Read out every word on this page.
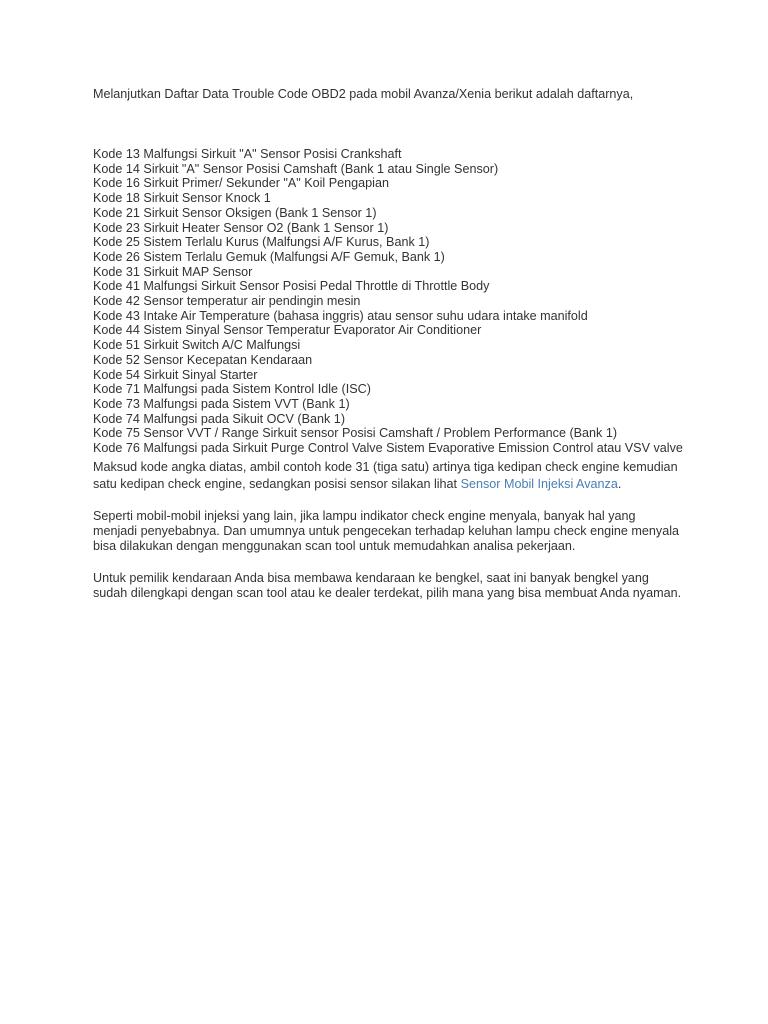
Melanjutkan Daftar Data Trouble Code OBD2 pada mobil Avanza/Xenia berikut adalah daftarnya,

Kode 13 Malfungsi Sirkuit "A" Sensor Posisi Crankshaft
Kode 14 Sirkuit "A" Sensor Posisi Camshaft (Bank 1 atau Single Sensor)
Kode 16 Sirkuit Primer/ Sekunder "A" Koil Pengapian
Kode 18 Sirkuit Sensor Knock 1
Kode 21 Sirkuit Sensor Oksigen (Bank 1 Sensor 1)
Kode 23 Sirkuit Heater Sensor O2 (Bank 1 Sensor 1)
Kode 25 Sistem Terlalu Kurus (Malfungsi A/F Kurus, Bank 1)
Kode 26 Sistem Terlalu Gemuk (Malfungsi A/F Gemuk, Bank 1)
Kode 31 Sirkuit MAP Sensor
Kode 41 Malfungsi Sirkuit Sensor Posisi Pedal Throttle di Throttle Body
Kode 42 Sensor temperatur air pendingin mesin
Kode 43 Intake Air Temperature (bahasa inggris) atau sensor suhu udara intake manifold
Kode 44 Sistem Sinyal Sensor Temperatur Evaporator Air Conditioner
Kode 51 Sirkuit Switch A/C Malfungsi
Kode 52 Sensor Kecepatan Kendaraan
Kode 54 Sirkuit Sinyal Starter
Kode 71 Malfungsi pada Sistem Kontrol Idle (ISC)
Kode 73 Malfungsi pada Sistem VVT (Bank 1)
Kode 74 Malfungsi pada Sikuit OCV (Bank 1)
Kode 75 Sensor VVT / Range Sirkuit sensor Posisi Camshaft / Problem Performance (Bank 1)
Kode 76 Malfungsi pada Sirkuit Purge Control Valve Sistem Evaporative Emission Control atau VSV valve

Maksud kode angka diatas, ambil contoh kode 31 (tiga satu) artinya tiga kedipan check engine kemudian satu kedipan check engine, sedangkan posisi sensor silakan lihat Sensor Mobil Injeksi Avanza.

Seperti mobil-mobil injeksi yang lain, jika lampu indikator check engine menyala, banyak hal yang menjadi penyebabnya. Dan umumnya untuk pengecekan terhadap keluhan lampu check engine menyala bisa dilakukan dengan menggunakan scan tool untuk memudahkan analisa pekerjaan.

Untuk pemilik kendaraan Anda bisa membawa kendaraan ke bengkel, saat ini banyak bengkel yang sudah dilengkapi dengan scan tool atau ke dealer terdekat, pilih mana yang bisa membuat Anda nyaman.
